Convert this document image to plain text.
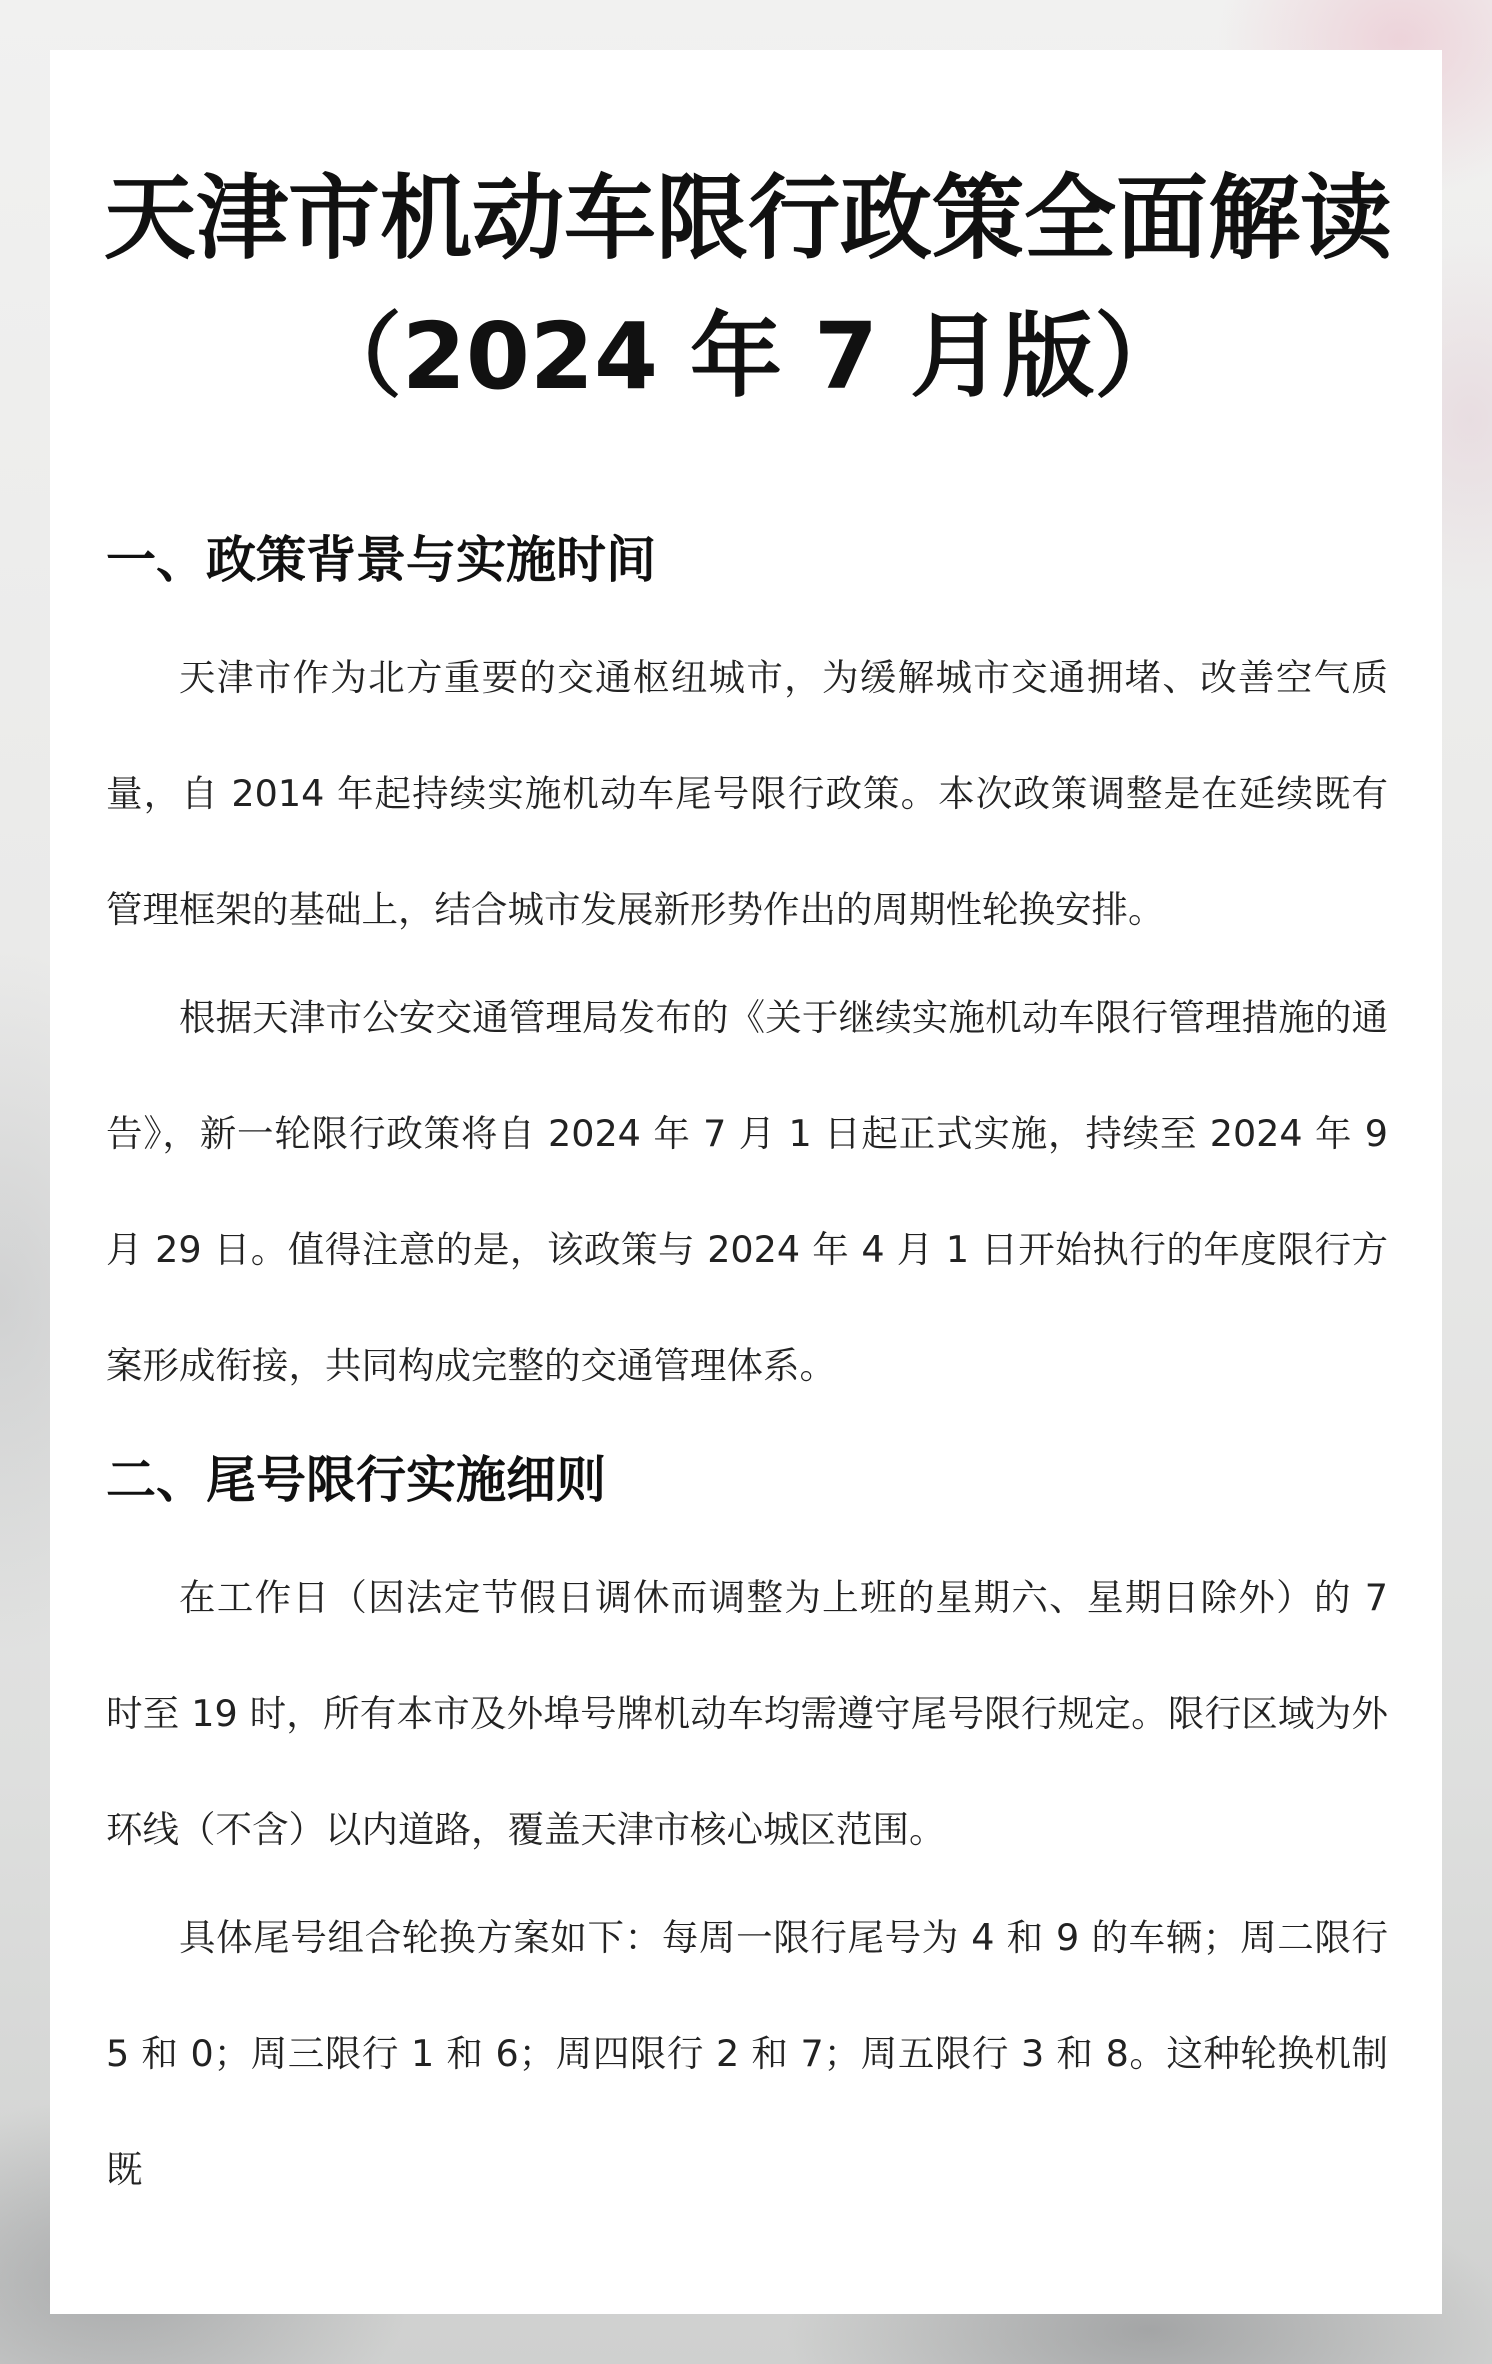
天津市机动车限行政策全面解读（2024 年 7 月版）
一、政策背景与实施时间

天津市作为北方重要的交通枢纽城市，为缓解城市交通拥堵、改善空气质量，自 2014 年起持续实施机动车尾号限行政策。本次政策调整是在延续既有管理框架的基础上，结合城市发展新形势作出的周期性轮换安排。

根据天津市公安交通管理局发布的《关于继续实施机动车限行管理措施的通告》，新一轮限行政策将自 2024 年 7 月 1 日起正式实施，持续至 2024 年 9 月 29 日。值得注意的是，该政策与 2024 年 4 月 1 日开始执行的年度限行方案形成衔接，共同构成完整的交通管理体系。

二、尾号限行实施细则

在工作日（因法定节假日调休而调整为上班的星期六、星期日除外）的 7 时至 19 时，所有本市及外埠号牌机动车均需遵守尾号限行规定。限行区域为外环线（不含）以内道路，覆盖天津市核心城区范围。

具体尾号组合轮换方案如下：每周一限行尾号为 4 和 9 的车辆；周二限行 5 和 0；周三限行 1 和 6；周四限行 2 和 7；周五限行 3 和 8。这种轮换机制既
